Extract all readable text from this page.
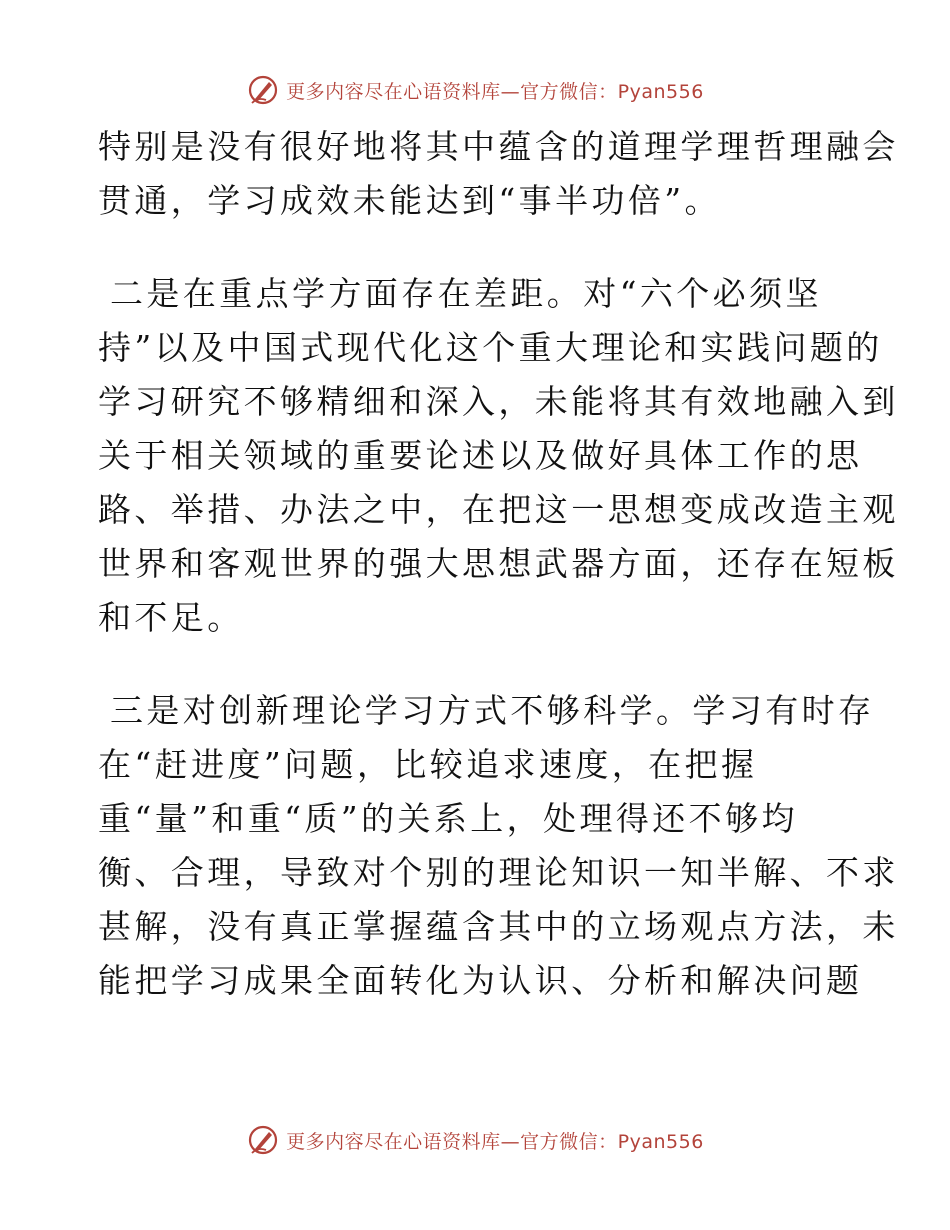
更多内容尽在心语资料库—官方微信：Pyan556
特别是没有很好地将其中蕴含的道理学理哲理融会
贯通，学习成效未能达到“事半功倍”。
二是在重点学方面存在差距。对“六个必须坚
持”以及中国式现代化这个重大理论和实践问题的
学习研究不够精细和深入，未能将其有效地融入到
关于相关领域的重要论述以及做好具体工作的思
路、举措、办法之中，在把这一思想变成改造主观
世界和客观世界的强大思想武器方面，还存在短板
和不足。
三是对创新理论学习方式不够科学。学习有时存
在“赶进度”问题，比较追求速度，在把握
重“量”和重“质”的关系上，处理得还不够均
衡、合理，导致对个别的理论知识一知半解、不求
甚解，没有真正掌握蕴含其中的立场观点方法，未
能把学习成果全面转化为认识、分析和解决问题
更多内容尽在心语资料库—官方微信：Pyan556
